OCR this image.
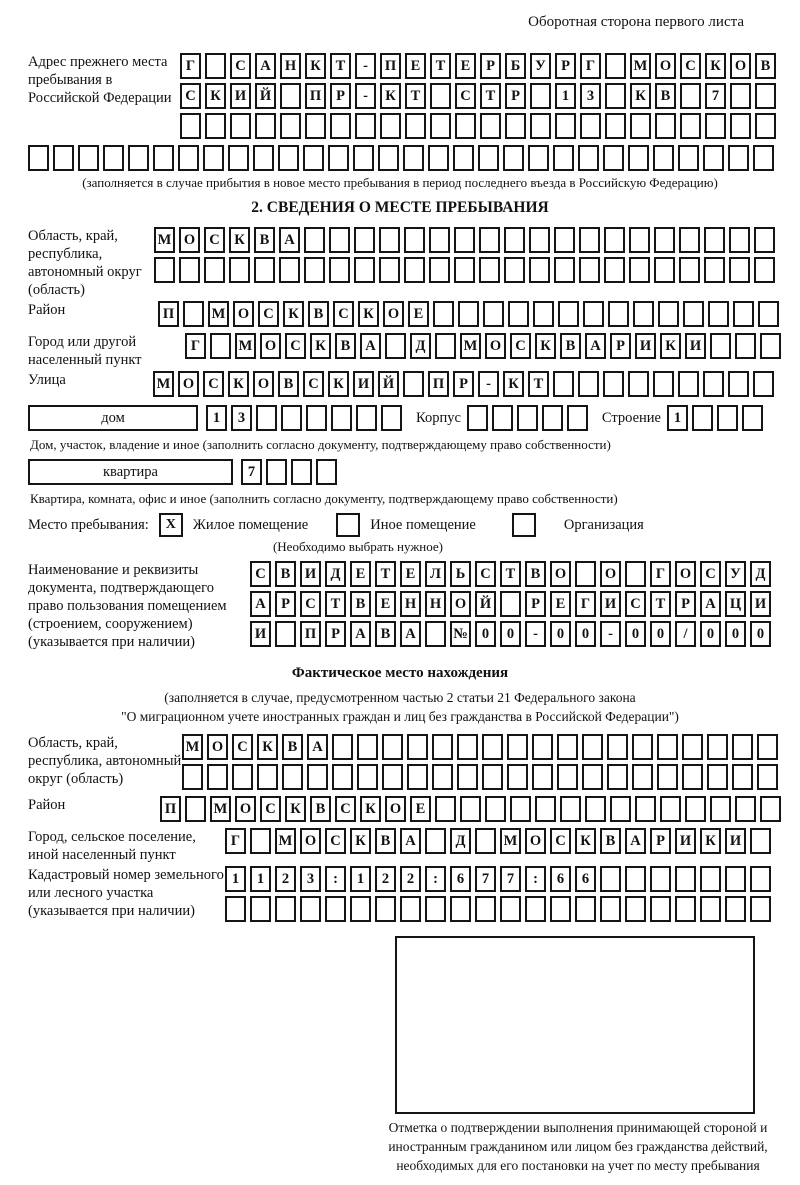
Оборотная сторона первого листа
Адрес прежнего места пребывания в Российской Федерации
Г	С	А Н К	Т	-	П	Е	Т	Е	Р	Б	У	Р	Г	М О С	К О	В
С	К И Й	П	Р	-	К	Т	С	Т	Р	1	3	К	В	7
(заполняется в случае прибытия в новое место пребывания в период последнего въезда в Российскую Федерацию)
2. СВЕДЕНИЯ О МЕСТЕ ПРЕБЫВАНИЯ
Область, край, республика, автономный округ (область)
М О С	К	В	А
Район	П	М О С	К	В	С	К О	Е
Город или другой населенный пункт
Г	М О С	К	В	А	Д	М О С	К	В	А	Р	И К И
Улица	М О С	К О	В	С	К И Й	П	Р	-	К	Т
дом	1	3	Корпус	Строение 1
Дом, участок, владение и иное (заполнить согласно документу, подтверждающему право собственности)
квартира	7
Квартира, комната, офис и иное (заполнить согласно документу, подтверждающему право собственности)
Место пребывания:	X	Жилое помещение	Иное помещение	Организация
(Необходимо выбрать нужное)
Наименование и реквизиты документа, подтверждающего право пользования помещением (строением, сооружением) (указывается при наличии)
С	В	И Д	Е	Т	Е	Л	Ь	С	Т	В	О	О	Г	О С У	Д
А	Р	С	Т	В	Е	Н Н О Й	Р	Е	Г	И С	Т	Р	А Ц И
И	П	Р	А	В	А	№ 0	0	-	0	0	-	0	0	/	0	0	0
Фактическое место нахождения
(заполняется в случае, предусмотренном частью 2 статьи 21 Федерального закона
"О миграционном учете иностранных граждан и лиц без гражданства в Российской Федерации")
Область, край, республика, автономный округ (область)
М О С	К	В	А
Район	П	М О С	К	В	С	К О	Е
Город, сельское поселение, иной населенный пункт
Г	М О С	К	В	А	Д	М О С	К	В	А	Р	И К И
Кадастровый номер земельного или лесного участка (указывается при наличии)
1	1	2	3	:	1	2	2	:	6	7	7	:	6	6
Отметка о подтверждении выполнения принимающей стороной и иностранным гражданином или лицом без гражданства действий, необходимых для его постановки на учет по месту пребывания
